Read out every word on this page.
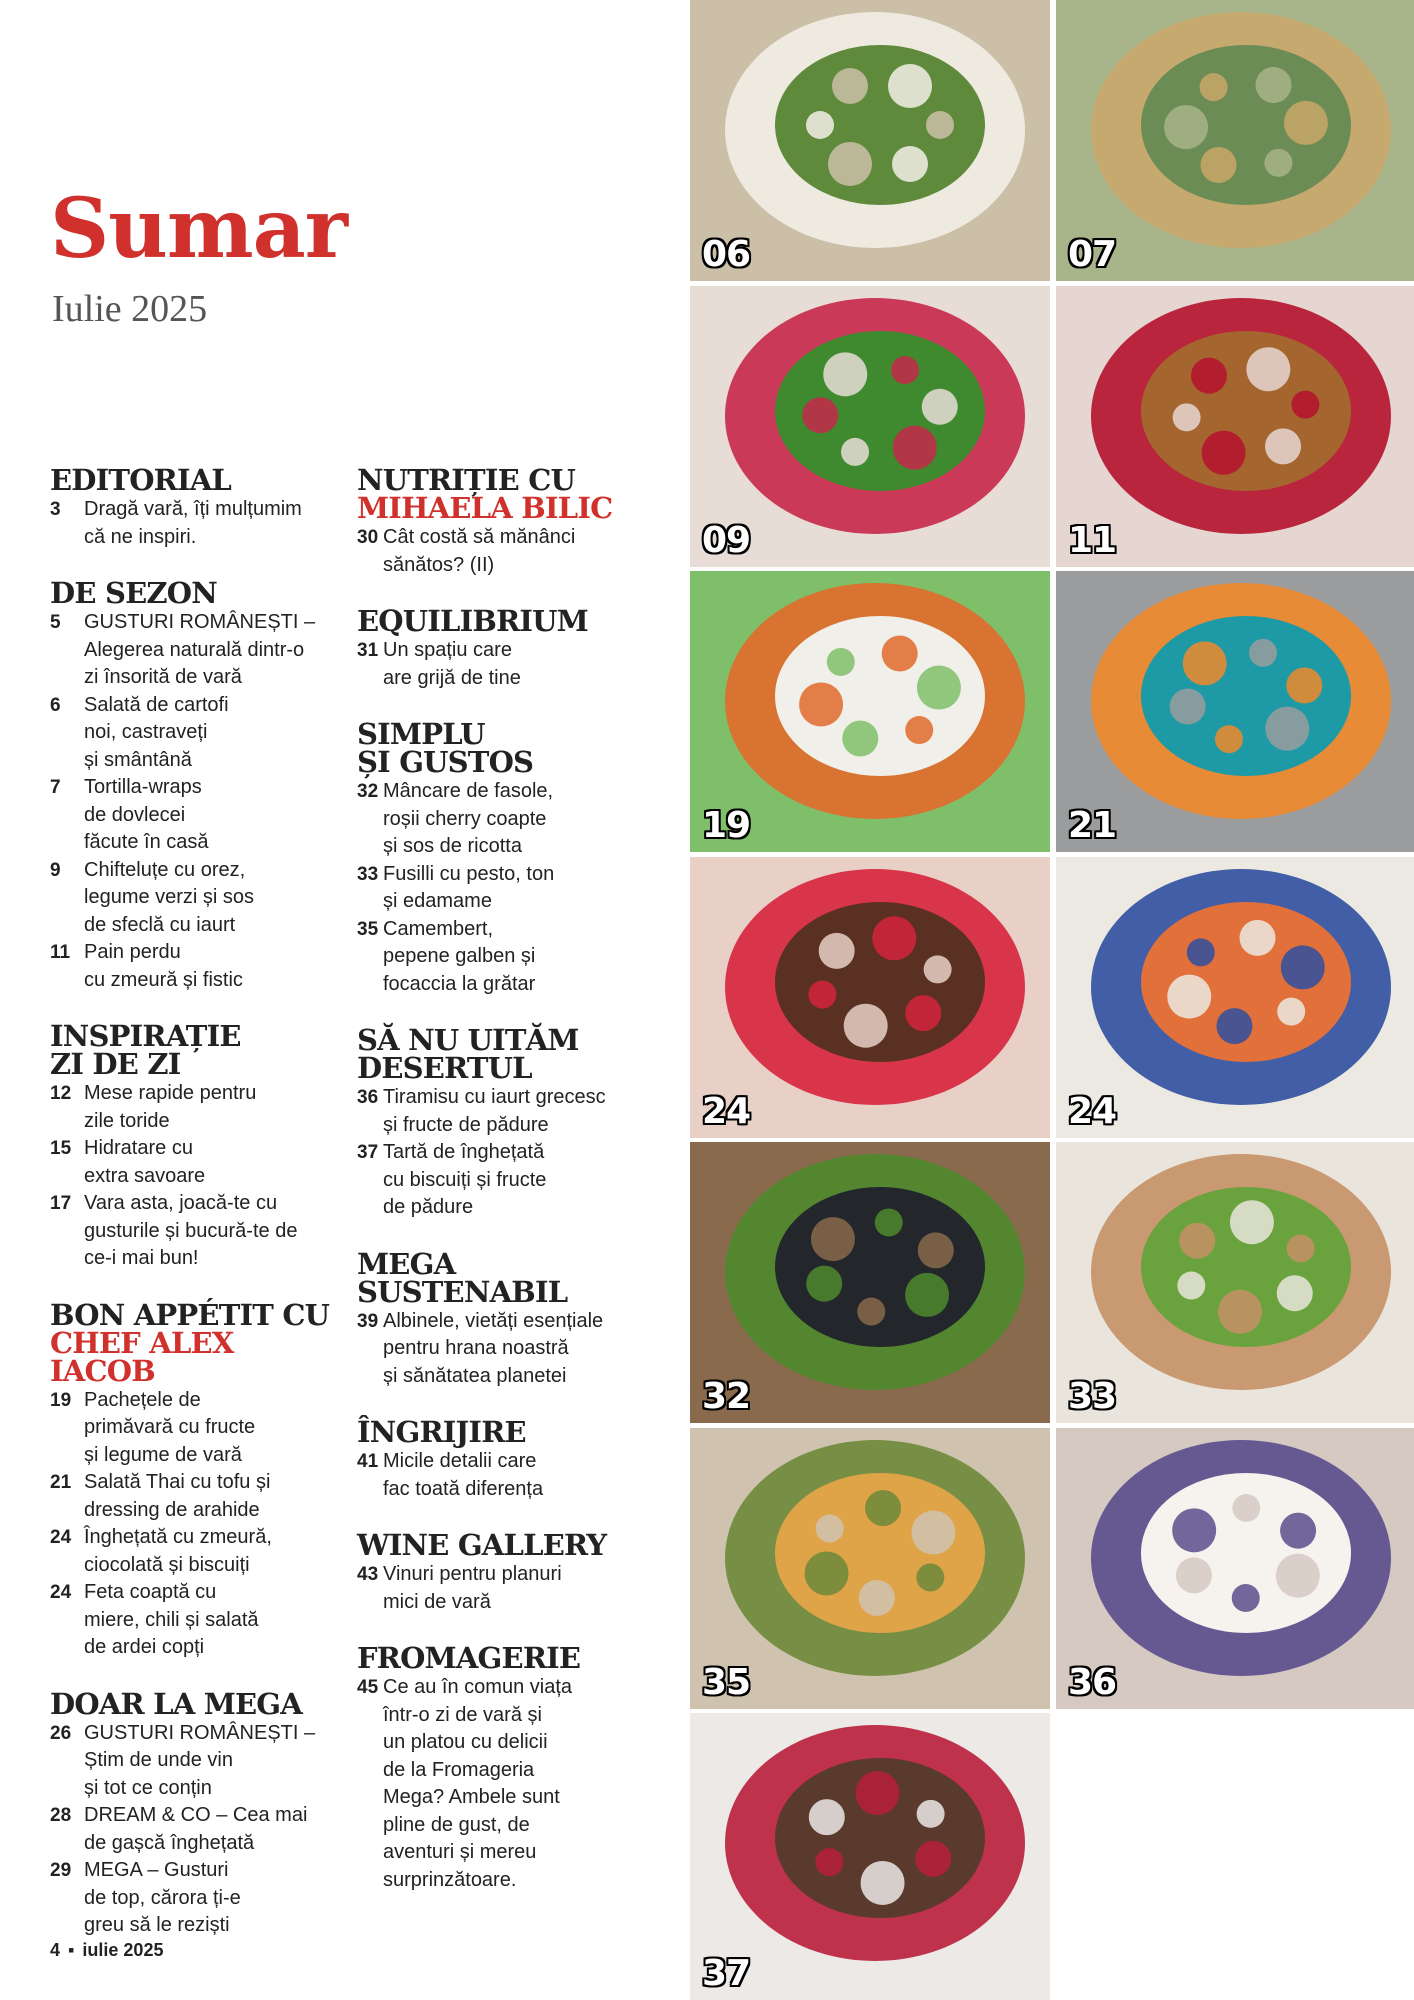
Sumar
Iulie 2025
EDITORIAL
3	Dragă vară, îți mulțumim
că ne inspiri.
DE SEZON
5	GUSTURI ROMÂNEȘTI –
Alegerea naturală dintr-o
zi însorită de vară
6	Salată de cartofi
noi, castraveți
și smântână
7	Tortilla-wraps
de dovlecei
făcute în casă
9	Chifteluțe cu orez,
legume verzi și sos
de sfeclă cu iaurt
11 Pain perdu
cu zmeură și fistic
INSPIRAȚIE
ZI DE ZI
12 Mese rapide pentru
zile toride
15 Hidratare cu
extra savoare
17 Vara asta, joacă-te cu
gusturile și bucură-te de
ce-i mai bun!
BON APPÉTIT CU
CHEF ALEX IACOB
19 Pachețele de
primăvară cu fructe
și legume de vară
21 Salată Thai cu tofu și
dressing de arahide
24 Înghețată cu zmeură,
ciocolată și biscuiți
24 Feta coaptă cu
miere, chili și salată
de ardei copți
DOAR LA MEGA
26 GUSTURI ROMÂNEȘTI –
Știm de unde vin
și tot ce conțin
28 DREAM & CO – Cea mai
de gașcă înghețată
29 MEGA – Gusturi
de top, cărora ți-e
greu să le reziști
NUTRIȚIE CU
MIHAELA BILIC
30 Cât costă să mănânci
sănătos? (II)
EQUILIBRIUM
31 Un spațiu care
are grijă de tine
SIMPLU
ȘI GUSTOS
32 Mâncare de fasole,
roșii cherry coapte
și sos de ricotta
33 Fusilli cu pesto, ton
și edamame
35 Camembert,
pepene galben și
focaccia la grătar
SĂ NU UITĂM
DESERTUL
36 Tiramisu cu iaurt grecesc
și fructe de pădure
37 Tartă de înghețată
cu biscuiți și fructe
de pădure
MEGA
SUSTENABIL
39 Albinele, vietăți esențiale
pentru hrana noastră
și sănătatea planetei
ÎNGRIJIRE
41 Micile detalii care
fac toată diferența
WINE GALLERY
43 Vinuri pentru planuri
mici de vară
FROMAGERIE
45 Ce au în comun viața
într-o zi de vară și
un platou cu delicii
de la Fromageria
Mega? Ambele sunt
pline de gust, de
aventuri și mereu
surprinzătoare.
06	07
09	11
19	21
24	24
32	33
35	36
37
4 ▪ iulie 2025
